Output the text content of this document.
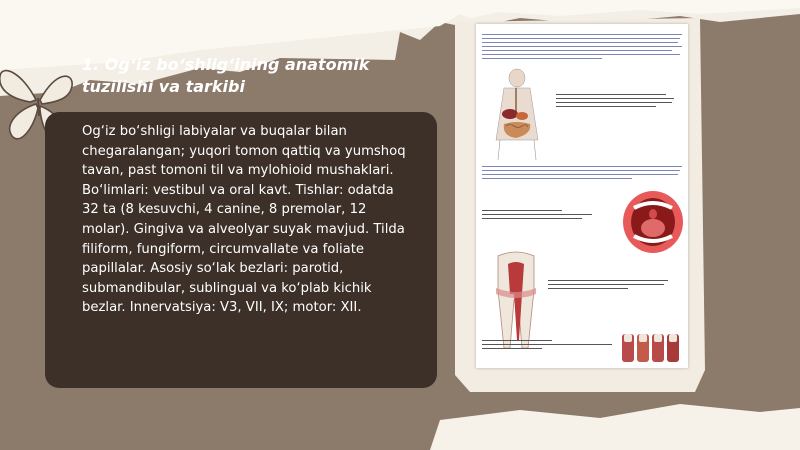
1. Og‘iz bo‘shlig‘ining anatomik tuzilishi va tarkibi
Og‘iz bo‘shligi labiyalar va buqalar bilan chegaralangan; yuqori tomon qattiq va yumshoq tavan, past tomoni til va mylohioid mushaklari. Bo‘limlari: vestibul va oral kavt. Tishlar: odatda 32 ta (8 kesuvchi, 4 canine, 8 premolar, 12 molar). Gingiva va alveolyar suyak mavjud. Tilda filiform, fungiform, circumvallate va foliate papillalar. Asosiy so‘lak bezlari: parotid, submandibular, sublingual va ko‘plab kichik bezlar. Innervatsiya: V3, VII, IX; motor: XII.
